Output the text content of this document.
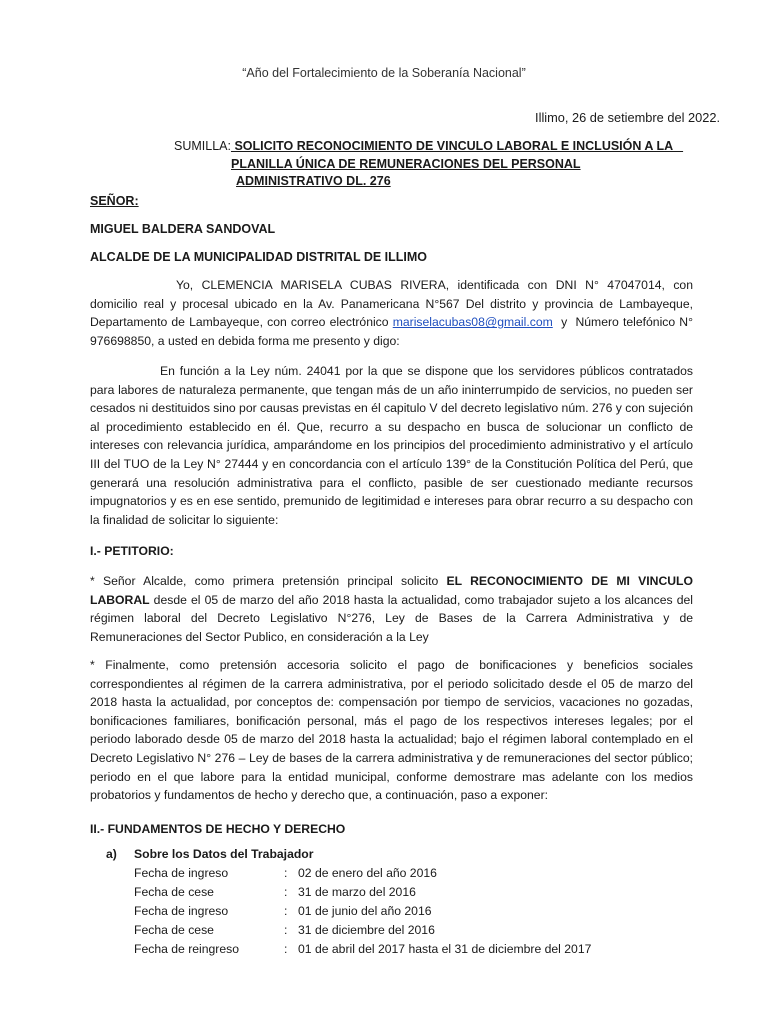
“Año del Fortalecimiento de la Soberanía Nacional”
Illimo, 26 de setiembre del 2022.
SUMILLA: SOLICITO RECONOCIMIENTO DE VINCULO LABORAL E INCLUSIÓN A LA
PLANILLA ÚNICA DE REMUNERACIONES DEL PERSONAL
ADMINISTRATIVO DL. 276
SEÑOR:
MIGUEL BALDERA SANDOVAL
ALCALDE DE LA MUNICIPALIDAD DISTRITAL DE ILLIMO
Yo, CLEMENCIA MARISELA CUBAS RIVERA, identificada con DNI N° 47047014, con domicilio real y procesal ubicado en la Av. Panamericana N°567 Del distrito y provincia de Lambayeque, Departamento de Lambayeque, con correo electrónico mariselacubas08@gmail.com  y  Número telefónico N° 976698850, a usted en debida forma me presento y digo:
En función a la Ley núm. 24041 por la que se dispone que los servidores públicos contratados para labores de naturaleza permanente, que tengan más de un año ininterrumpido de servicios, no pueden ser cesados ni destituidos sino por causas previstas en él capitulo V del decreto legislativo núm. 276 y con sujeción al procedimiento establecido en él. Que, recurro a su despacho en busca de solucionar un conflicto de intereses con relevancia jurídica, amparándome en los principios del procedimiento administrativo y el artículo III del TUO de la Ley N° 27444 y en concordancia con el artículo 139° de la Constitución Política del Perú, que generará una resolución administrativa para el conflicto, pasible de ser cuestionado mediante recursos impugnatorios y es en ese sentido, premunido de legitimidad e intereses para obrar recurro a su despacho con la finalidad de solicitar lo siguiente:
I.- PETITORIO:
* Señor Alcalde, como primera pretensión principal solicito EL RECONOCIMIENTO DE MI VINCULO LABORAL desde el 05 de marzo del año 2018 hasta la actualidad, como trabajador sujeto a los alcances del régimen laboral del Decreto Legislativo N°276, Ley de Bases de la Carrera Administrativa y de Remuneraciones del Sector Publico, en consideración a la Ley
* Finalmente, como pretensión accesoria solicito el pago de bonificaciones y beneficios sociales correspondientes al régimen de la carrera administrativa, por el periodo solicitado desde el 05 de marzo del 2018 hasta la actualidad, por conceptos de: compensación por tiempo de servicios, vacaciones no gozadas, bonificaciones familiares, bonificación personal, más el pago de los respectivos intereses legales; por el periodo laborado desde 05 de marzo del 2018 hasta la actualidad; bajo el régimen laboral contemplado en el Decreto Legislativo N° 276 – Ley de bases de la carrera administrativa y de remuneraciones del sector público; periodo en el que labore para la entidad municipal, conforme demostrare mas adelante con los medios probatorios y fundamentos de hecho y derecho que, a continuación, paso a exponer:
II.- FUNDAMENTOS DE HECHO Y DERECHO
a) Sobre los Datos del Trabajador
Fecha de ingreso	: 02 de enero del año 2016
Fecha de cese	: 31 de marzo del 2016
Fecha de ingreso	: 01 de junio del año 2016
Fecha de cese	: 31 de diciembre del 2016
Fecha de reingreso	: 01 de abril del 2017 hasta el 31 de diciembre del 2017
